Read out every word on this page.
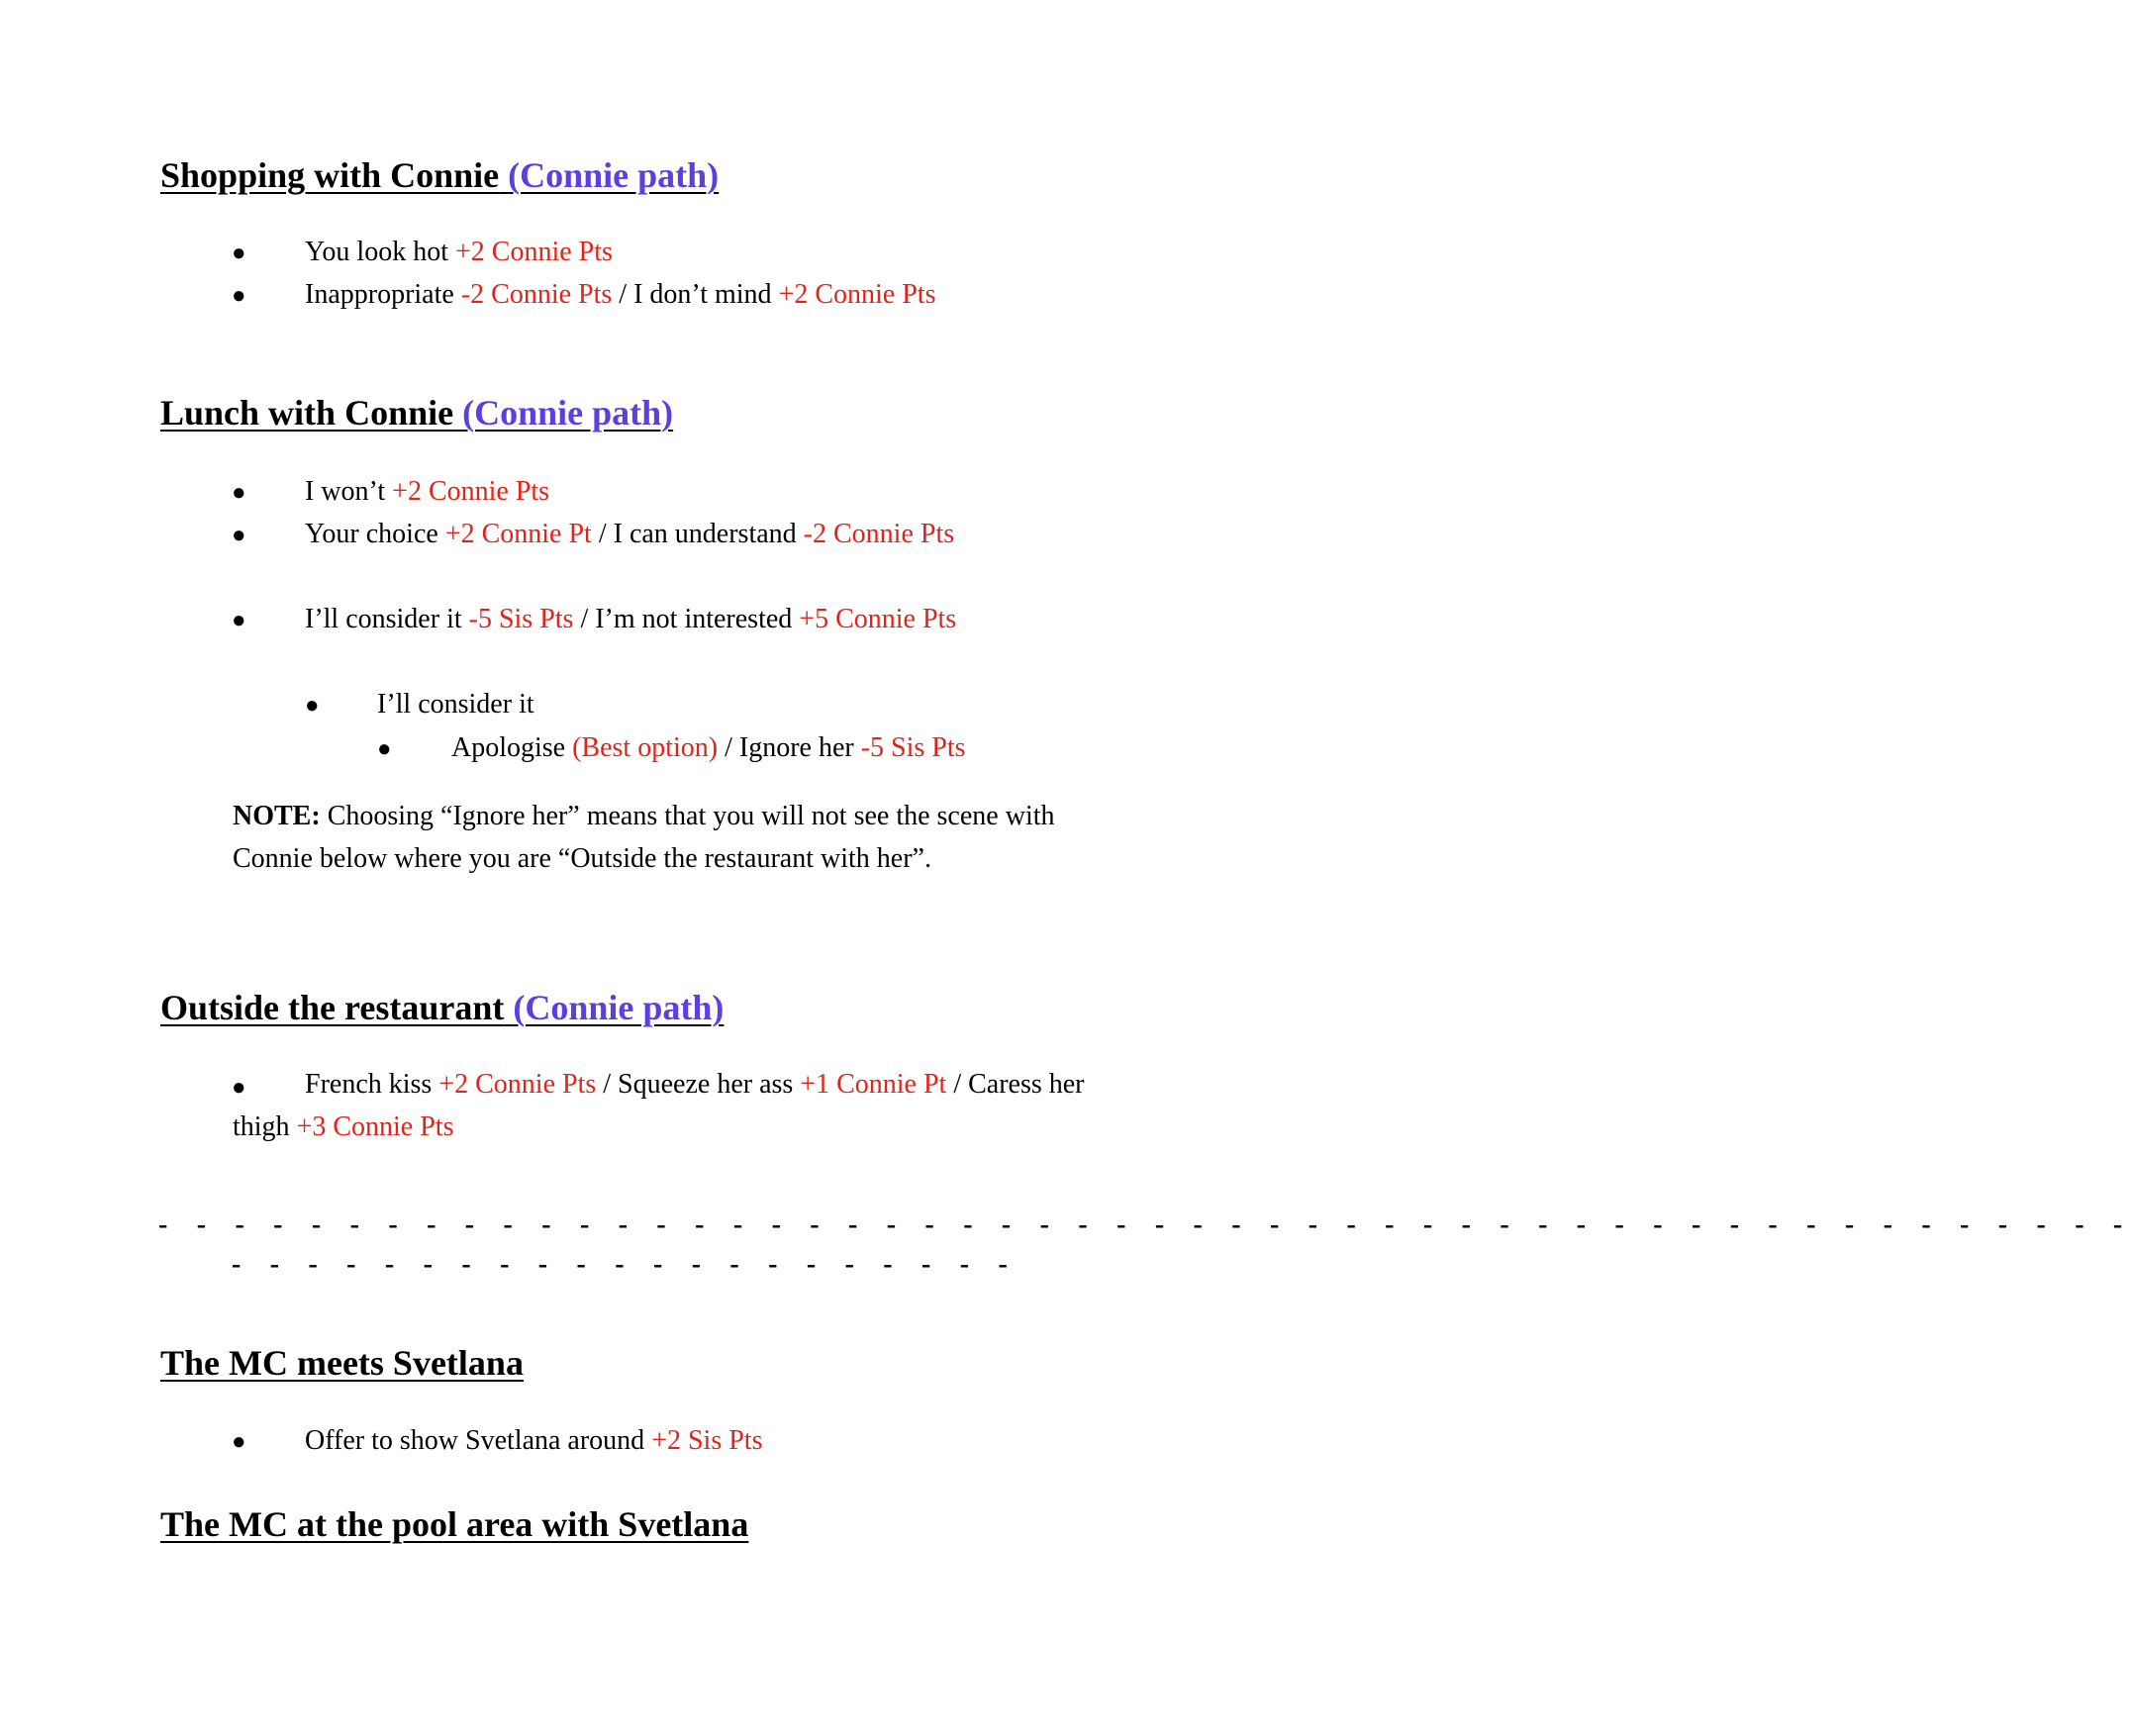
Shopping with Connie (Connie path)
● You look hot +2 Connie Pts
● Inappropriate -2 Connie Pts / I don’t mind +2 Connie Pts
Lunch with Connie (Connie path)
● I won’t +2 Connie Pts
● Your choice +2 Connie Pt / I can understand -2 Connie Pts
● I’ll consider it -5 Sis Pts / I’m not interested +5 Connie Pts
● I’ll consider it
● Apologise (Best option) / Ignore her -5 Sis Pts

NOTE: Choosing “Ignore her” means that you will not see the scene with Connie below where you are “Outside the restaurant with her”.

Outside the restaurant (Connie path)
●	French kiss +2 Connie Pts / Squeeze her ass +1 Connie Pt / Caress her thigh +3 Connie Pts

- - - - - - - - - - - - - - - - - - - - - - - - - - - - - - - - - - - - - - - - - - - - - - - - - - - -
- - - - - - - - - - - - - - - - - - - - -
The MC meets Svetlana
● Offer to show Svetlana around +2 Sis Pts
The MC at the pool area with Svetlana
